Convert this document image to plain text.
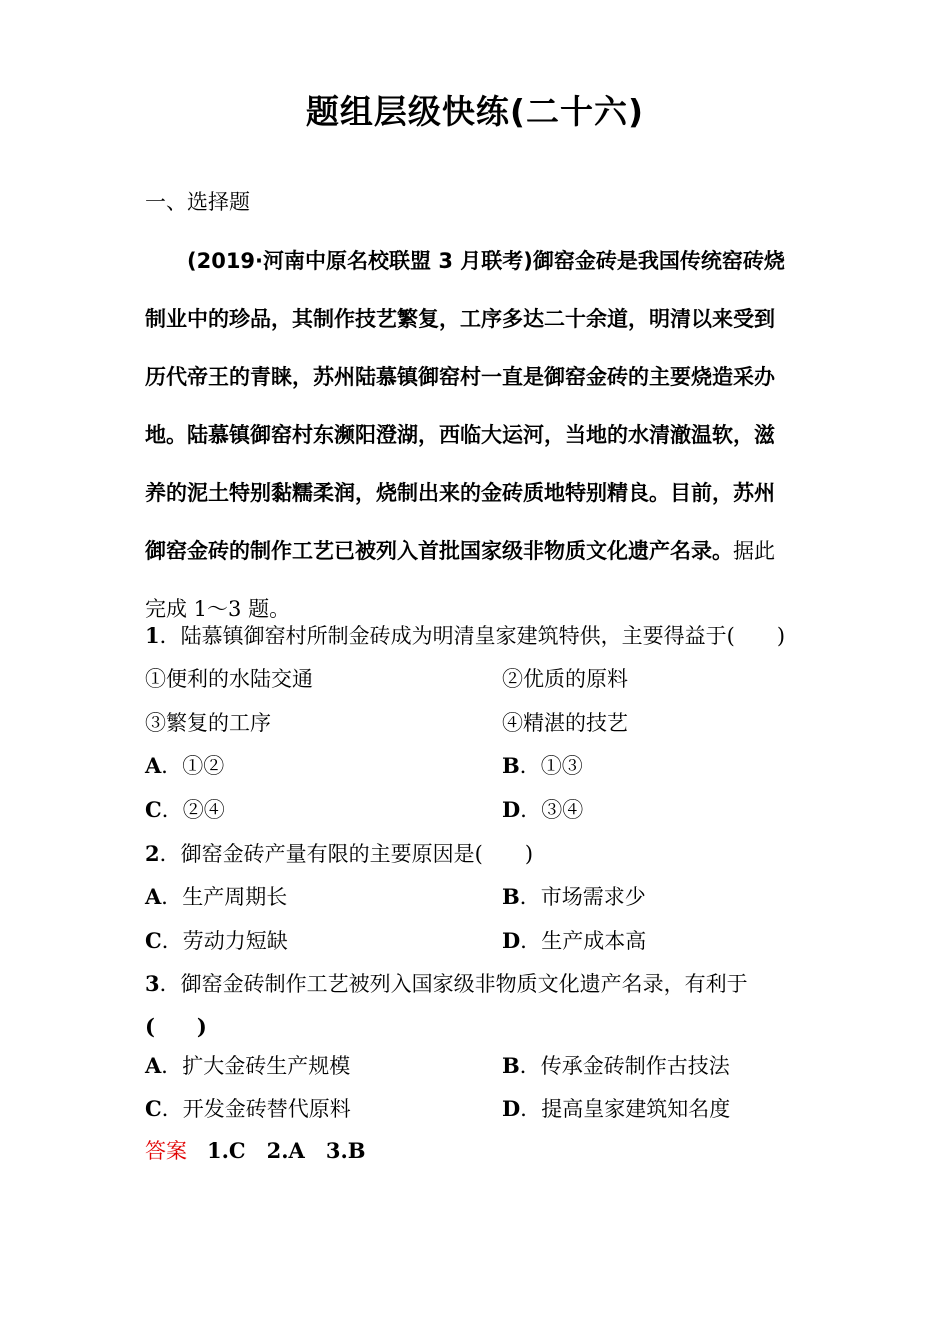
题组层级快练(二十六)
一、选择题
(2019·河南中原名校联盟 3 月联考)御窑金砖是我国传统窑砖烧
制业中的珍品，其制作技艺繁复，工序多达二十余道，明清以来受到
历代帝王的青睐，苏州陆慕镇御窑村一直是御窑金砖的主要烧造采办
地。陆慕镇御窑村东濒阳澄湖，西临大运河，当地的水清澈温软，滋
养的泥土特别黏糯柔润，烧制出来的金砖质地特别精良。目前，苏州
御窑金砖的制作工艺已被列入首批国家级非物质文化遗产名录。据此
完成 1～3 题。
1．陆慕镇御窑村所制金砖成为明清皇家建筑特供，主要得益于(　　)
①便利的水陆交通	②优质的原料
③繁复的工序	④精湛的技艺
A．①②	B．①③
C．②④	D．③④
2．御窑金砖产量有限的主要原因是(　　)
A．生产周期长	B．市场需求少
C．劳动力短缺	D．生产成本高
3．御窑金砖制作工艺被列入国家级非物质文化遗产名录，有利于
(　　)
A．扩大金砖生产规模	B．传承金砖制作古技法
C．开发金砖替代原料	D．提高皇家建筑知名度
答案 1.C　2.A　3.B
